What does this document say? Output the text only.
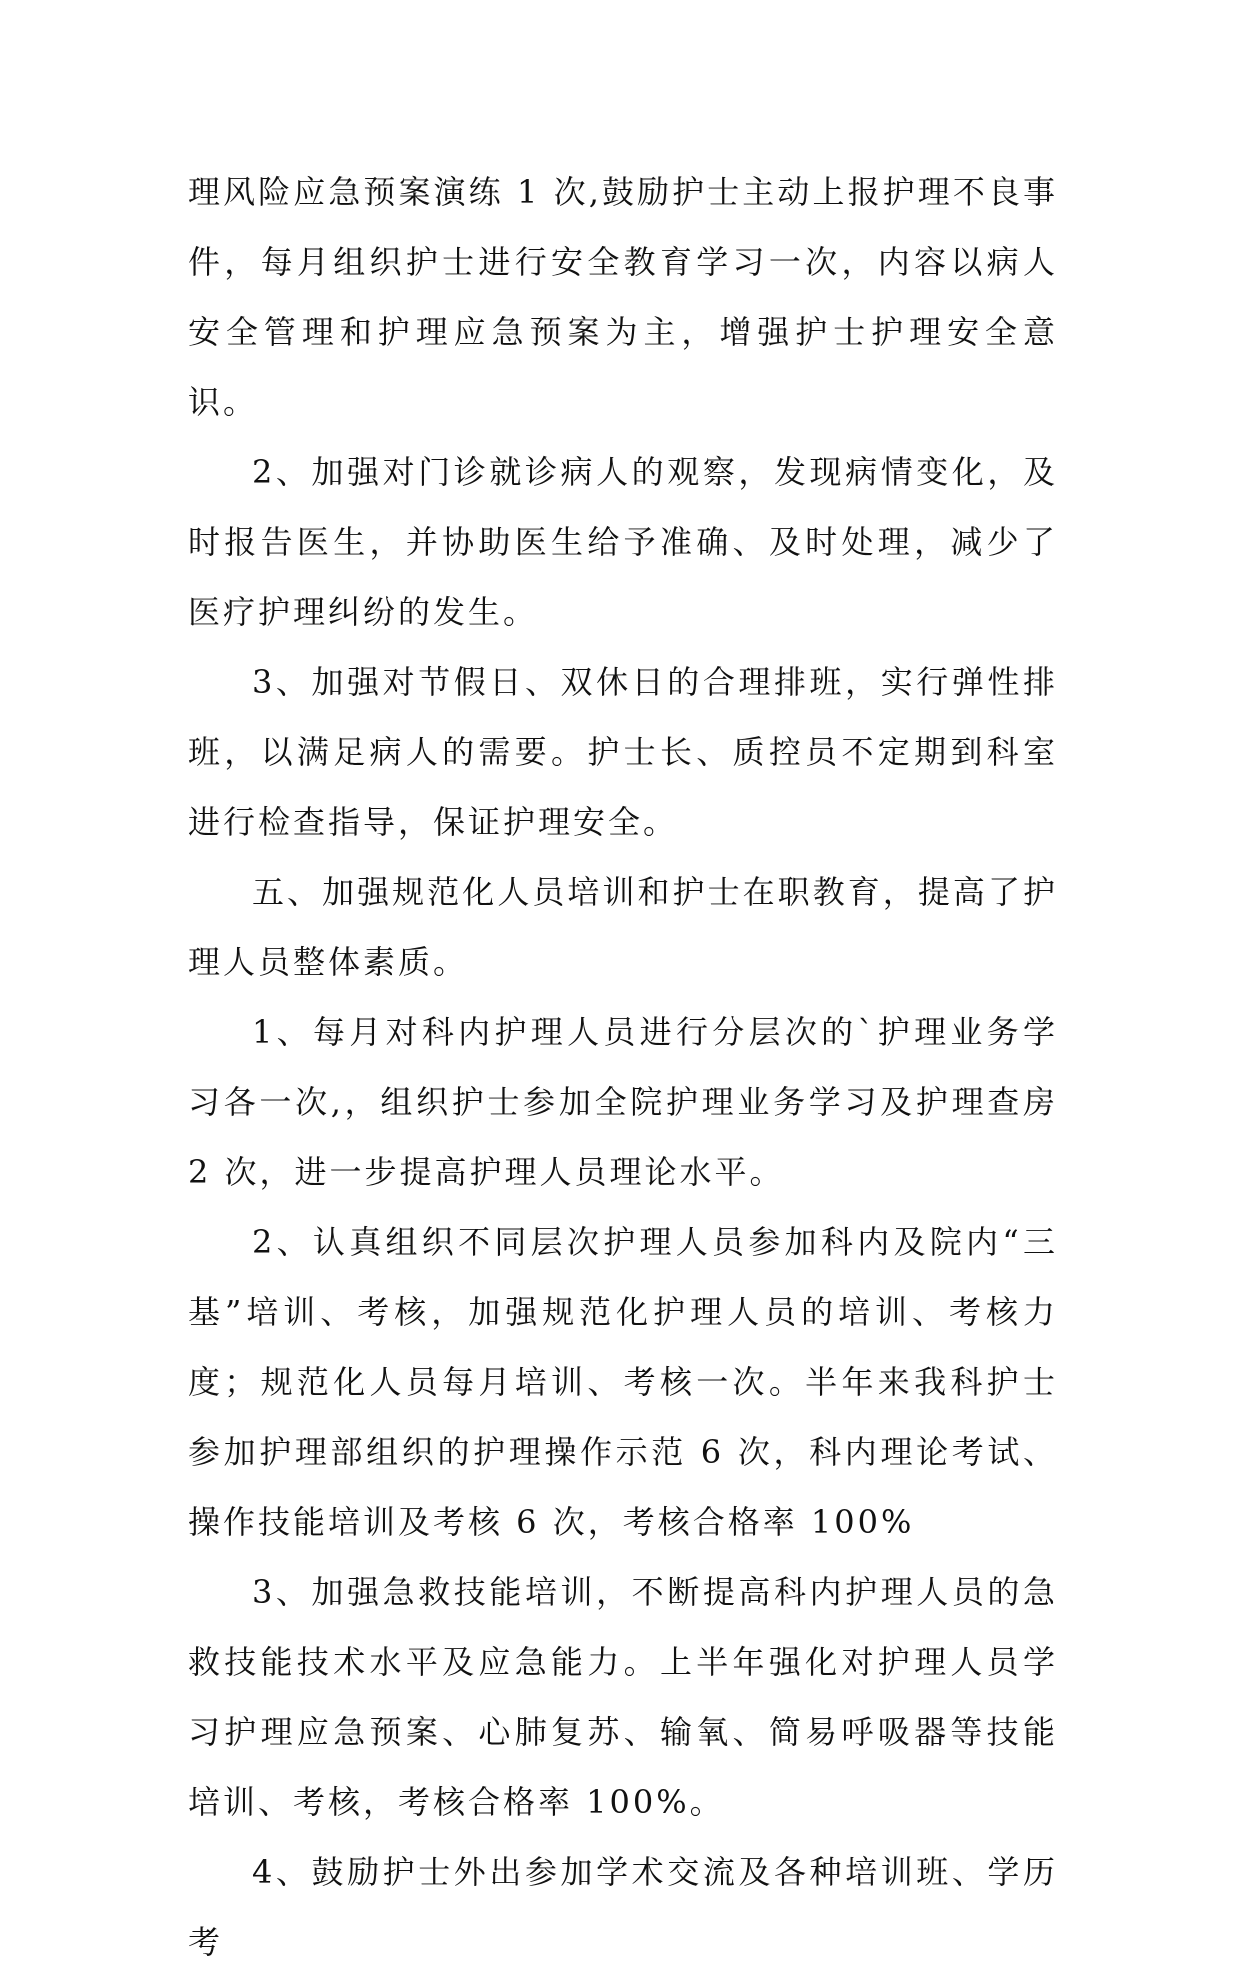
理风险应急预案演练 1 次,鼓励护士主动上报护理不良事件，每月组织护士进行安全教育学习一次，内容以病人安全管理和护理应急预案为主，增强护士护理安全意识。

2、加强对门诊就诊病人的观察，发现病情变化，及时报告医生，并协助医生给予准确、及时处理，减少了医疗护理纠纷的发生。

3、加强对节假日、双休日的合理排班，实行弹性排班，以满足病人的需要。护士长、质控员不定期到科室进行检查指导，保证护理安全。

五、加强规范化人员培训和护士在职教育，提高了护理人员整体素质。

1、每月对科内护理人员进行分层次的`护理业务学习各一次,，组织护士参加全院护理业务学习及护理查房 2 次，进一步提高护理人员理论水平。

2、认真组织不同层次护理人员参加科内及院内“三基”培训、考核，加强规范化护理人员的培训、考核力度；规范化人员每月培训、考核一次。半年来我科护士参加护理部组织的护理操作示范 6 次，科内理论考试、操作技能培训及考核 6 次，考核合格率 100%

3、加强急救技能培训，不断提高科内护理人员的急救技能技术水平及应急能力。上半年强化对护理人员学习护理应急预案、心肺复苏、输氧、简易呼吸器等技能培训、考核，考核合格率 100%。

4、鼓励护士外出参加学术交流及各种培训班、学历考
